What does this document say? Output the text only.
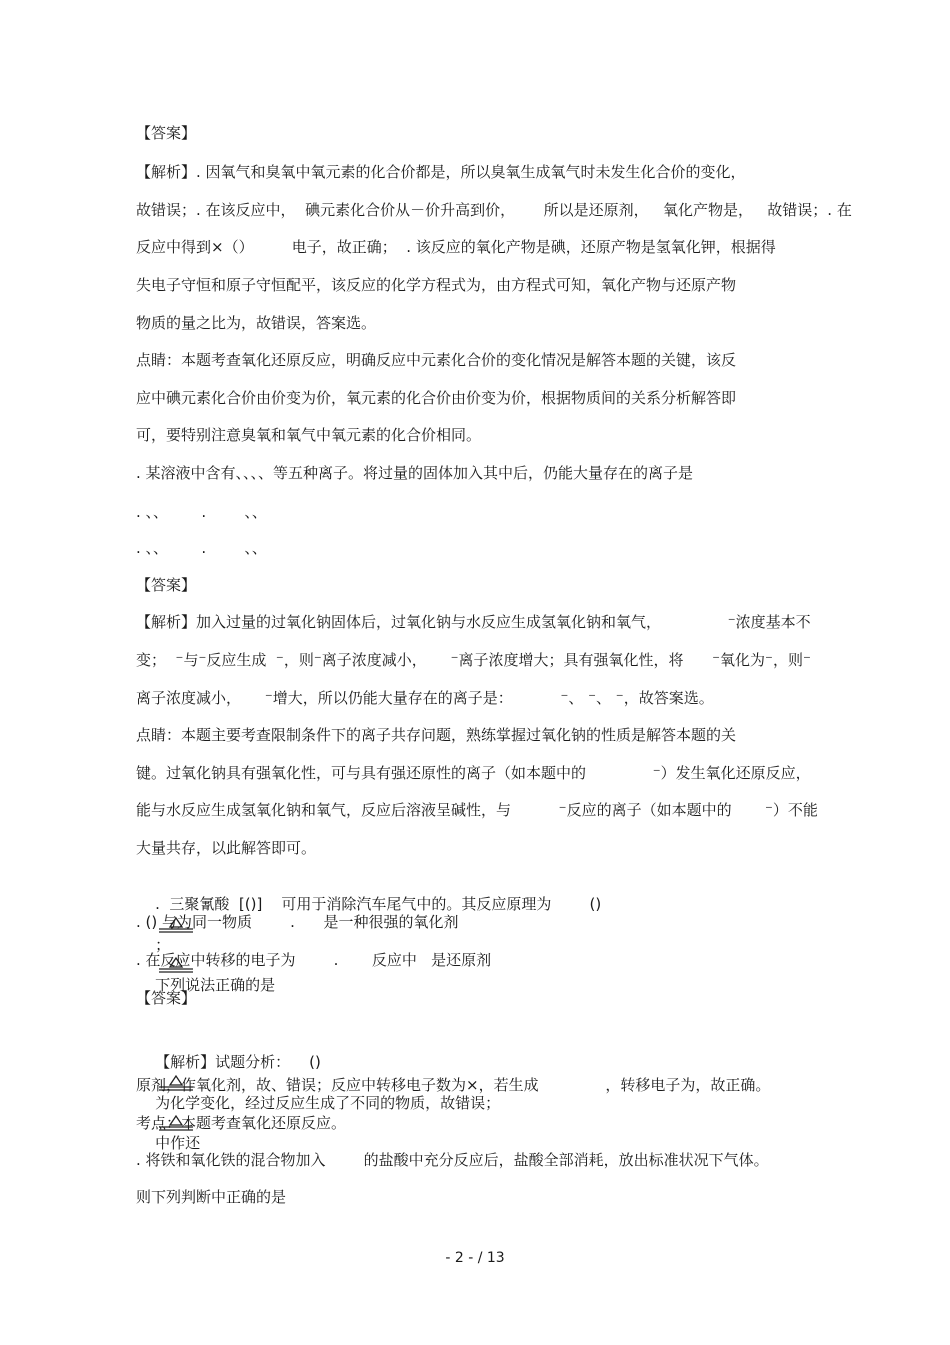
【答案】
【解析】. 因氧气和臭氧中氧元素的化合价都是，所以臭氧生成氧气时未发生化合价的变化，
故错误；. 在该反应中，  碘元素化合价从－价升高到价，      所以是还原剂，   氧化产物是，   故错误；. 在
反应中得到×（）        电子，故正确；  . 该反应的氧化产物是碘，还原产物是氢氧化钾，根据得
失电子守恒和原子守恒配平，该反应的化学方程式为，由方程式可知，氧化产物与还原产物
物质的量之比为，故错误，答案选。
点睛：本题考查氧化还原反应，明确反应中元素化合价的变化情况是解答本题的关键，该反
应中碘元素化合价由价变为价，氧元素的化合价由价变为价，根据物质间的关系分析解答即
可，要特别注意臭氧和氧气中氧元素的化合价相同。
. 某溶液中含有、、、、等五种离子。将过量的固体加入其中后，仍能大量存在的离子是
. 、、       .        、、
. 、、       .        、、
【答案】
【解析】加入过量的过氧化钠固体后，过氧化钠与水反应生成氢氧化钠和氧气，              ⁻浓度基本不
变；  ⁻与⁻反应生成  ⁻，则⁻离子浓度减小，     ⁻离子浓度增大；具有强氧化性，将      ⁻氧化为⁻，则⁻
离子浓度减小，     ⁻增大，所以仍能大量存在的离子是：          ⁻、 ⁻、 ⁻，故答案选。
点睛：本题主要考查限制条件下的离子共存问题，熟练掌握过氧化钠的性质是解答本题的关
键。过氧化钠具有强氧化性，可与具有强还原性的离子（如本题中的              ⁻）发生氧化还原反应，
能与水反应生成氢氧化钠和氧气，反应后溶液呈碱性，与          ⁻反应的离子（如本题中的       ⁻）不能
大量共存，以此解答即可。

.  三聚氰酸  [()]    可用于消除汽车尾气中的。其反应原理为        ()

；

下列说法正确的是

. () 与为同一物质        .      是一种很强的氧化剂
. 在反应中转移的电子为        .       反应中   是还原剂
【答案】

【解析】试题分析：    ()

为化学变化，经过反应生成了不同的物质，故错误；

中作还

原剂，作氧化剂，故、错误；反应中转移电子数为×，若生成              ，转移电子为，故正确。
考点：本题考查氧化还原反应。
. 将铁和氧化铁的混合物加入        的盐酸中充分反应后，盐酸全部消耗，放出标准状况下气体。
则下列判断中正确的是
- 2 - / 13
